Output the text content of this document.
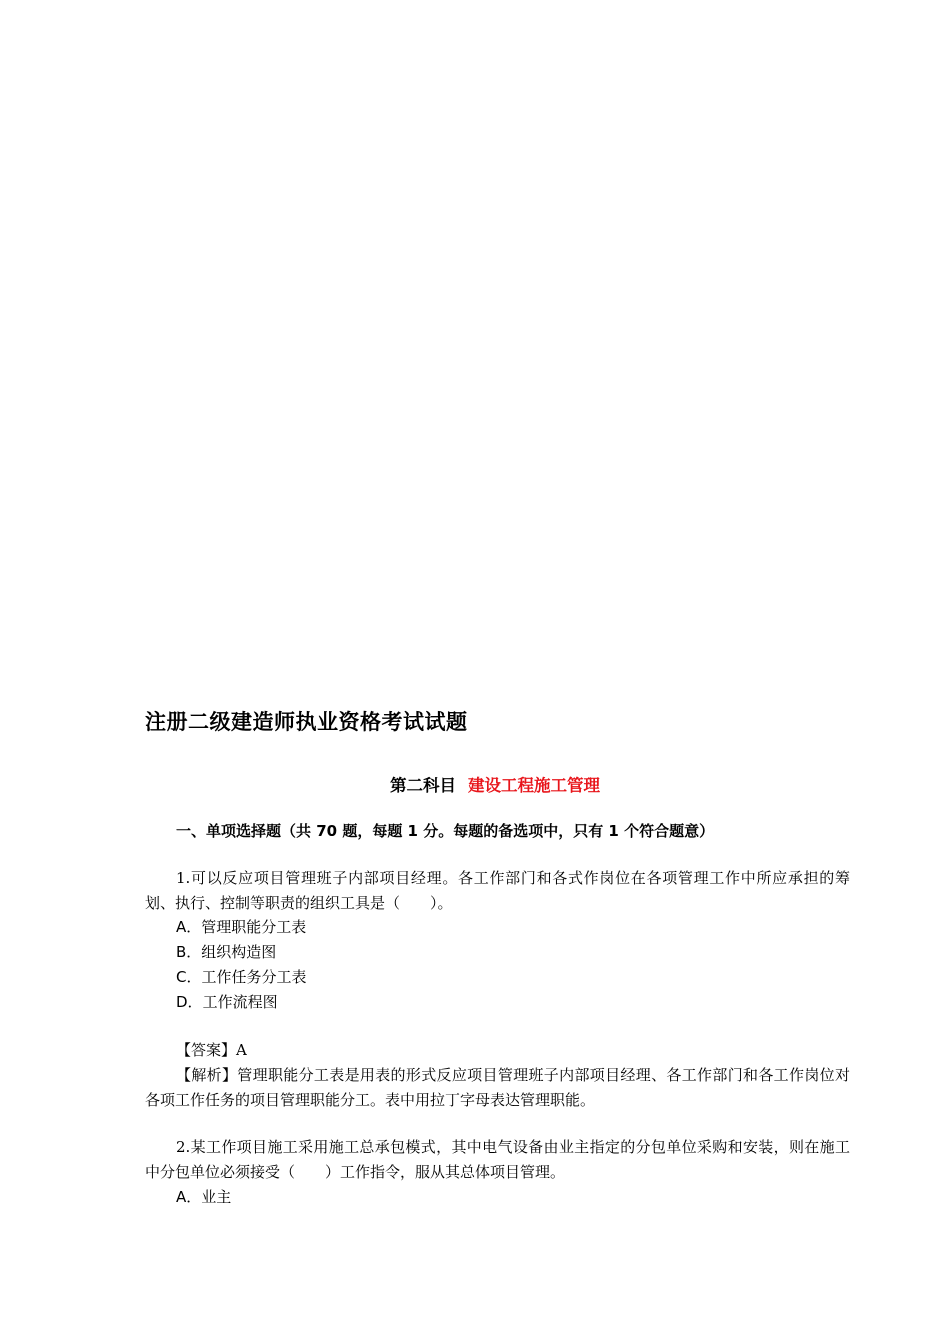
注册二级建造师执业资格考试试题
第二科目 建设工程施工管理
一、单项选择题（共 70 题，每题 1 分。每题的备选项中，只有 1 个符合题意）
1.可以反应项目管理班子内部项目经理。各工作部门和各式作岗位在各项管理工作中所应承担的筹划、执行、控制等职责的组织工具是（　　）。
A．管理职能分工表
B．组织构造图
C．工作任务分工表
D．工作流程图
【答案】A
【解析】管理职能分工表是用表的形式反应项目管理班子内部项目经理、各工作部门和各工作岗位对各项工作任务的项目管理职能分工。表中用拉丁字母表达管理职能。
2.某工作项目施工采用施工总承包模式，其中电气设备由业主指定的分包单位采购和安装，则在施工中分包单位必须接受（　　）工作指令，服从其总体项目管理。
A．业主
